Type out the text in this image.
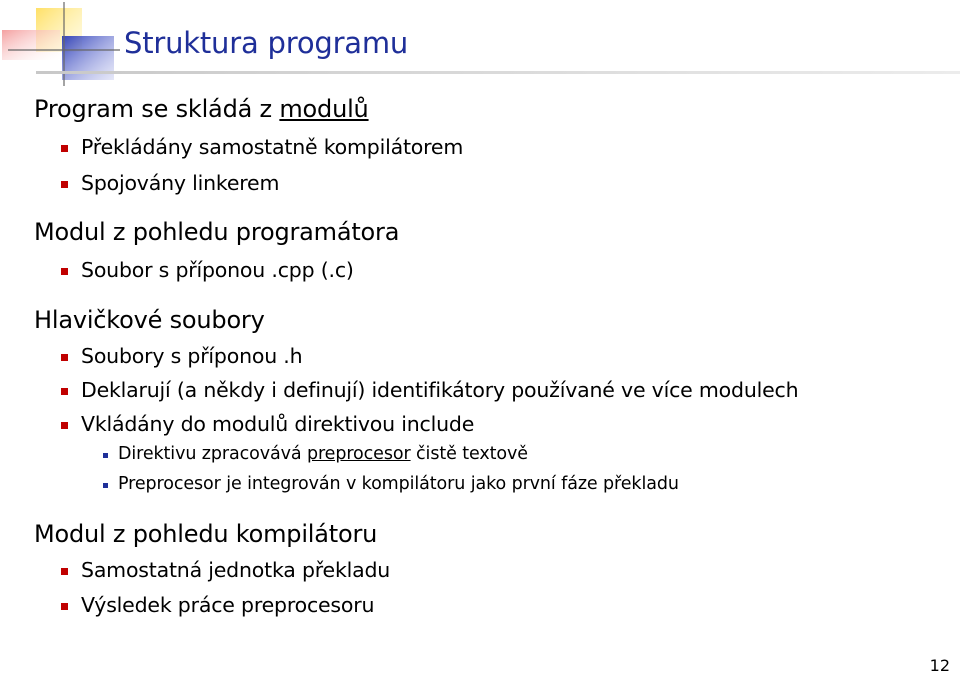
Struktura programu

Program se skládá z modulů

Překládány samostatně kompilátorem

Spojovány linkerem

Modul z pohledu programátora

Soubor s příponou .cpp (.c)

Hlavičkové soubory

Soubory s příponou .h

Deklarují (a někdy i definují) identifikátory používané ve více modulech

Vkládány do modulů direktivou include

Direktivu zpracovává preprocesor čistě textově

Preprocesor je integrován v kompilátoru jako první fáze překladu

Modul z pohledu kompilátoru

Samostatná jednotka překladu

Výsledek práce preprocesoru

12
